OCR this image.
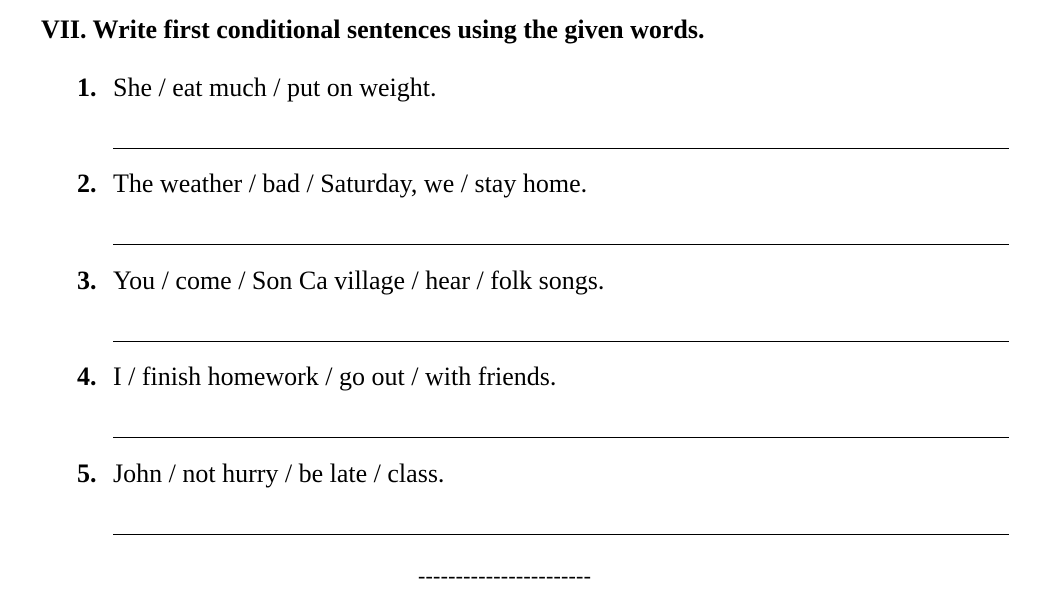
VII. Write first conditional sentences using the given words.
1. She / eat much / put on weight.
2. The weather / bad / Saturday, we / stay home.
3. You / come / Son Ca village / hear / folk songs.
4. I / finish homework / go out / with friends.
5. John / not hurry / be late / class.
-----------------------
